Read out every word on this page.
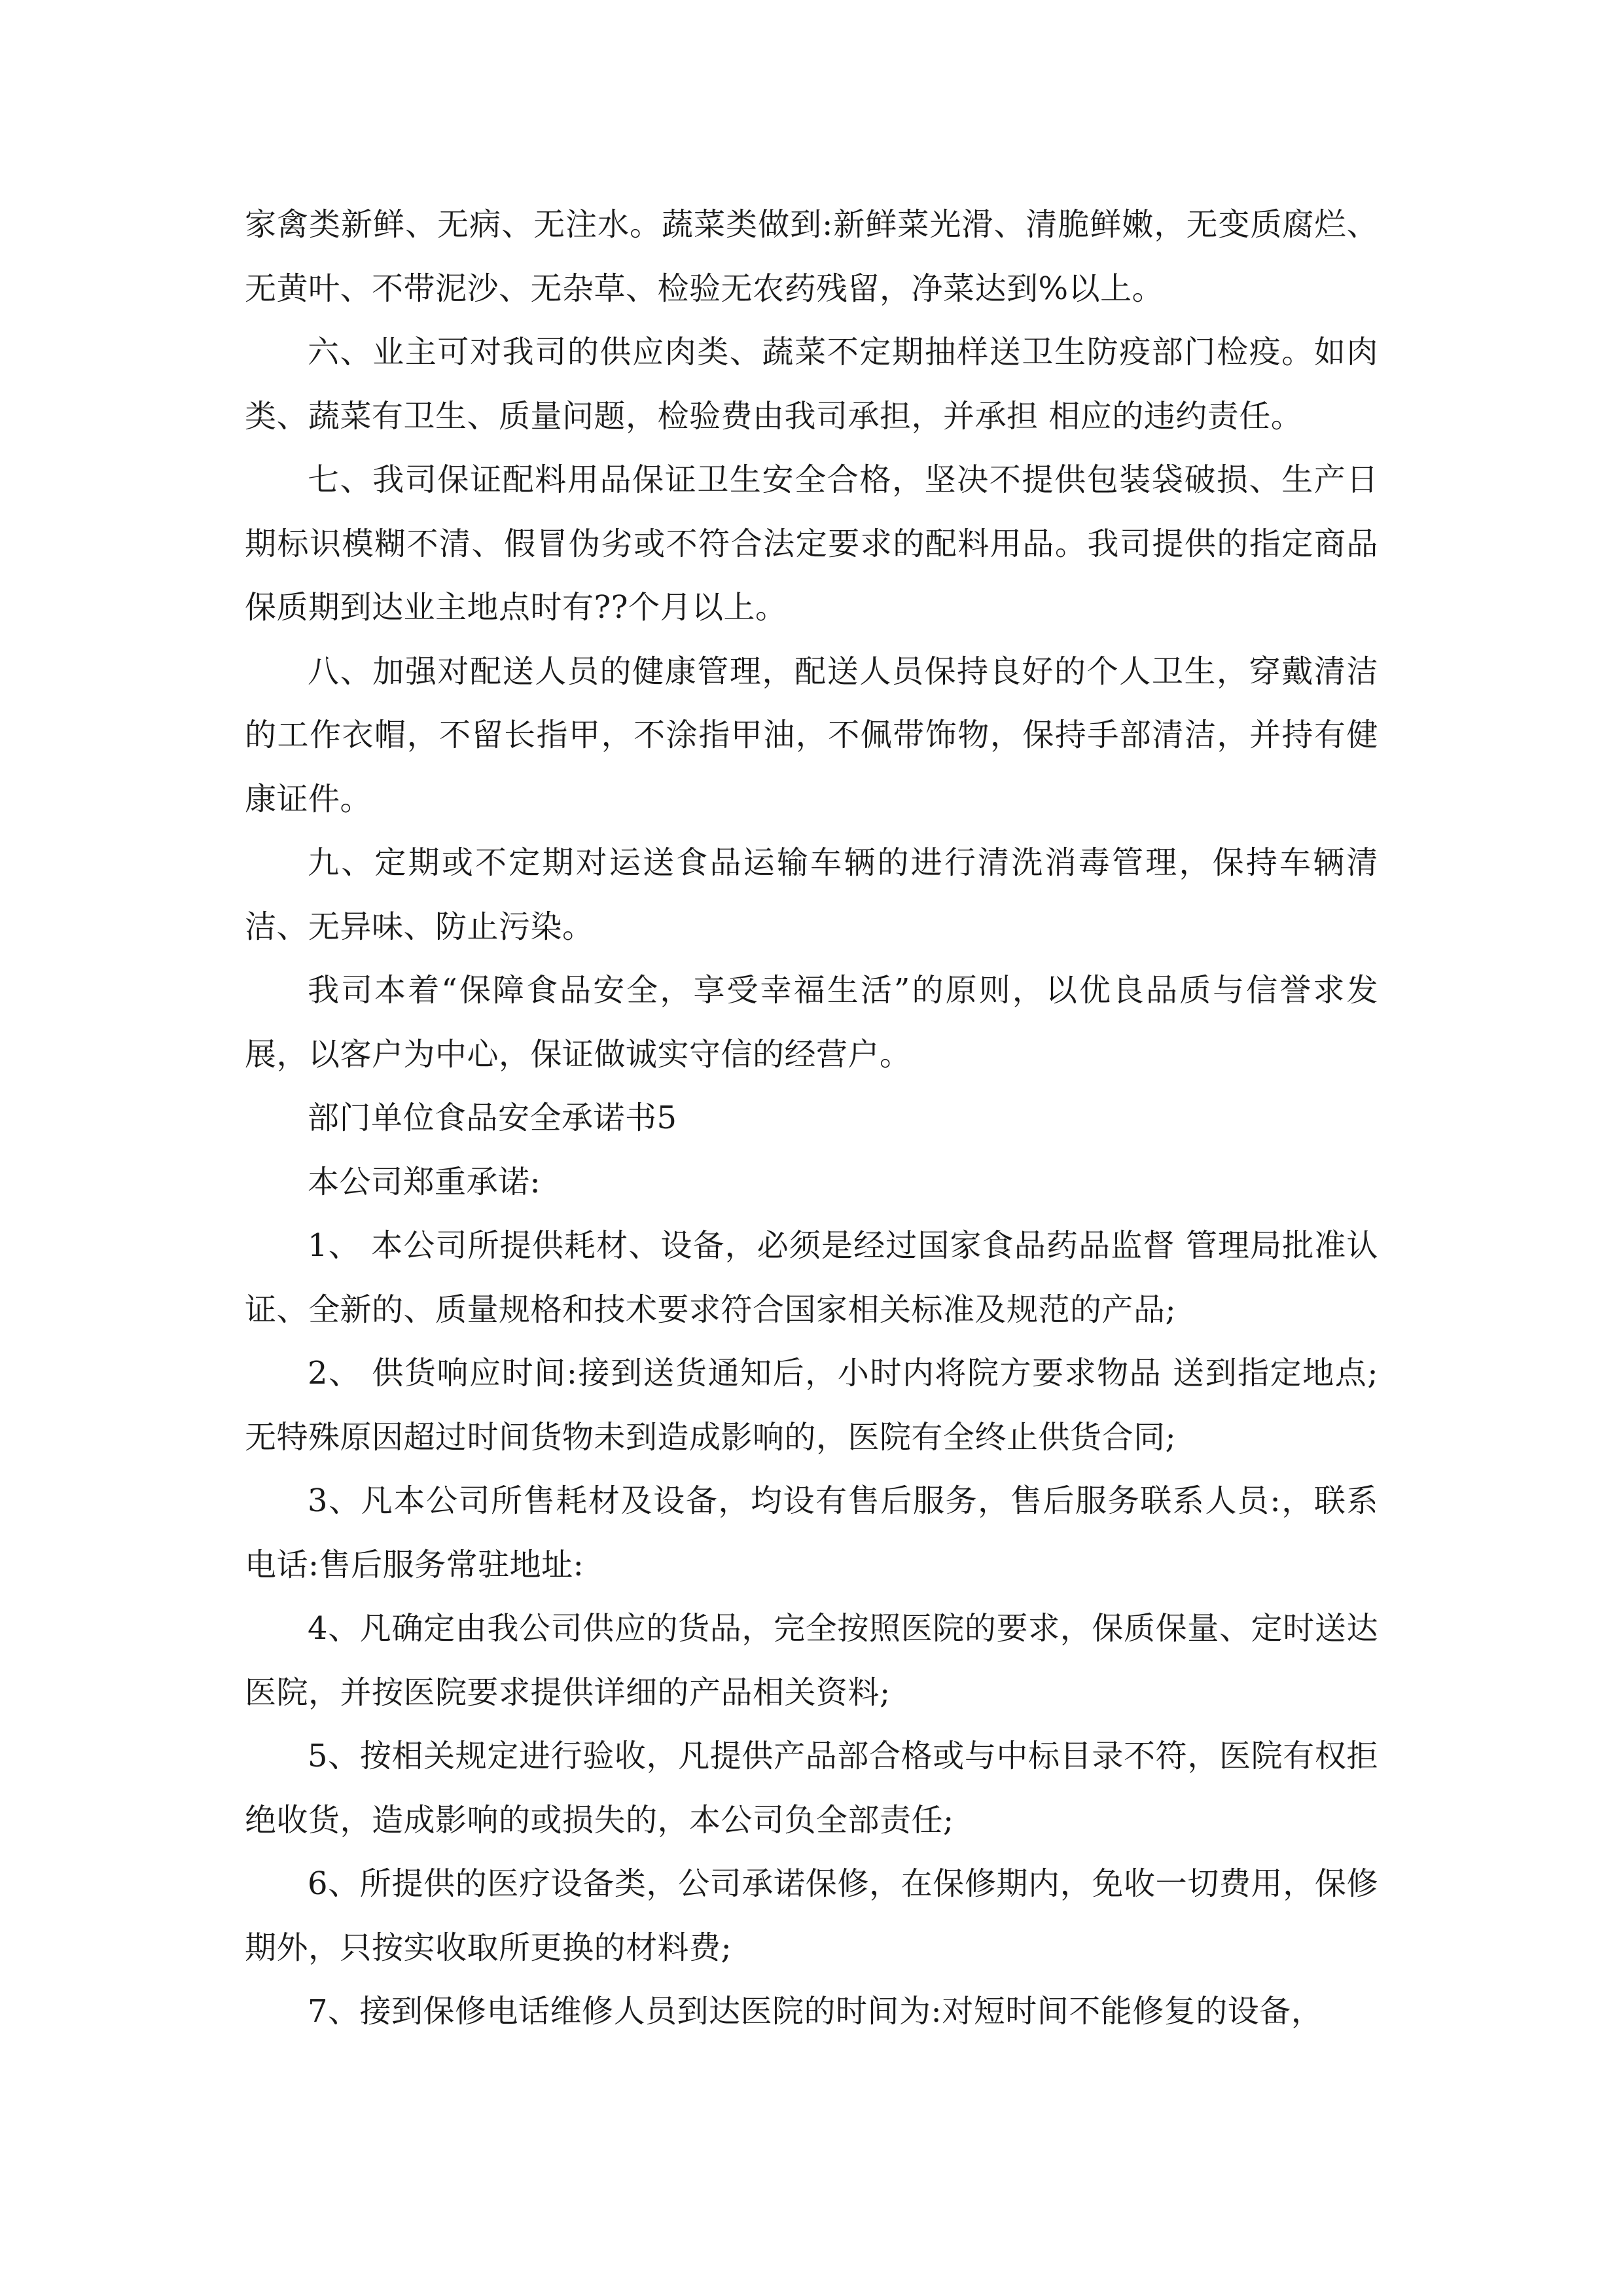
家禽类新鲜、无病、无注水。蔬菜类做到:新鲜菜光滑、清脆鲜嫩，无变质腐烂、无黄叶、不带泥沙、无杂草、检验无农药残留，净菜达到%以上。

六、业主可对我司的供应肉类、蔬菜不定期抽样送卫生防疫部门检疫。如肉类、蔬菜有卫生、质量问题，检验费由我司承担，并承担 相应的违约责任。

七、我司保证配料用品保证卫生安全合格，坚决不提供包装袋破损、生产日期标识模糊不清、假冒伪劣或不符合法定要求的配料用品。我司提供的指定商品保质期到达业主地点时有??个月以上。

八、加强对配送人员的健康管理，配送人员保持良好的个人卫生，穿戴清洁的工作衣帽，不留长指甲，不涂指甲油，不佩带饰物，保持手部清洁，并持有健康证件。

九、定期或不定期对运送食品运输车辆的进行清洗消毒管理，保持车辆清洁、无异味、防止污染。

我司本着“保障食品安全，享受幸福生活”的原则，以优良品质与信誉求发展，以客户为中心，保证做诚实守信的经营户。

部门单位食品安全承诺书5

本公司郑重承诺:

1、 本公司所提供耗材、设备，必须是经过国家食品药品监督 管理局批准认证、全新的、质量规格和技术要求符合国家相关标准及规范的产品;

2、 供货响应时间:接到送货通知后，小时内将院方要求物品 送到指定地点;无特殊原因超过时间货物未到造成影响的，医院有全终止供货合同;

3、凡本公司所售耗材及设备，均设有售后服务，售后服务联系人员:，联系电话:售后服务常驻地址:

4、凡确定由我公司供应的货品，完全按照医院的要求，保质保量、定时送达医院，并按医院要求提供详细的产品相关资料;

5、按相关规定进行验收，凡提供产品部合格或与中标目录不符，医院有权拒绝收货，造成影响的或损失的，本公司负全部责任;

6、所提供的医疗设备类，公司承诺保修，在保修期内，免收一切费用，保修期外，只按实收取所更换的材料费;

7、接到保修电话维修人员到达医院的时间为:对短时间不能修复的设备，
